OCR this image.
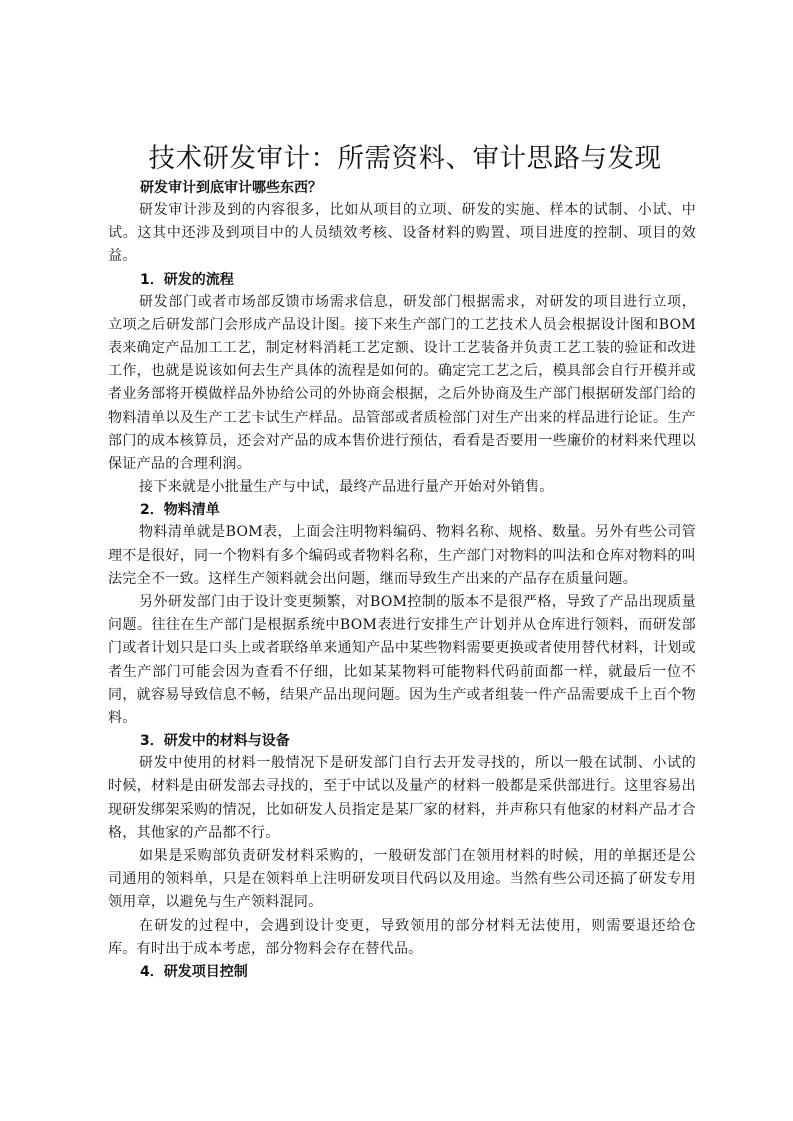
技术研发审计：所需资料、审计思路与发现
研发审计到底审计哪些东西？

研发审计涉及到的内容很多，比如从项目的立项、研发的实施、样本的试制、小试、中试。这其中还涉及到项目中的人员绩效考核、设备材料的购置、项目进度的控制、项目的效益。

1．研发的流程

研发部门或者市场部反馈市场需求信息，研发部门根据需求，对研发的项目进行立项，立项之后研发部门会形成产品设计图。接下来生产部门的工艺技术人员会根据设计图和BOM表来确定产品加工工艺，制定材料消耗工艺定额、设计工艺装备并负责工艺工装的验证和改进工作，也就是说该如何去生产具体的流程是如何的。确定完工艺之后，模具部会自行开模并或者业务部将开模做样品外协给公司的外协商会根据，之后外协商及生产部门根据研发部门给的物料清单以及生产工艺卡试生产样品。品管部或者质检部门对生产出来的样品进行论证。生产部门的成本核算员，还会对产品的成本售价进行预估，看看是否要用一些廉价的材料来代理以保证产品的合理利润。

接下来就是小批量生产与中试，最终产品进行量产开始对外销售。

2．物料清单

物料清单就是BOM表，上面会注明物料编码、物料名称、规格、数量。另外有些公司管理不是很好，同一个物料有多个编码或者物料名称，生产部门对物料的叫法和仓库对物料的叫法完全不一致。这样生产领料就会出问题，继而导致生产出来的产品存在质量问题。

另外研发部门由于设计变更频繁，对BOM控制的版本不是很严格，导致了产品出现质量问题。往往在生产部门是根据系统中BOM表进行安排生产计划并从仓库进行领料，而研发部门或者计划只是口头上或者联络单来通知产品中某些物料需要更换或者使用替代材料，计划或者生产部门可能会因为查看不仔细，比如某某物料可能物料代码前面都一样，就最后一位不同，就容易导致信息不畅，结果产品出现问题。因为生产或者组装一件产品需要成千上百个物料。

3．研发中的材料与设备

研发中使用的材料一般情况下是研发部门自行去开发寻找的，所以一般在试制、小试的时候，材料是由研发部去寻找的，至于中试以及量产的材料一般都是采供部进行。这里容易出现研发绑架采购的情况，比如研发人员指定是某厂家的材料，并声称只有他家的材料产品才合格，其他家的产品都不行。

如果是采购部负责研发材料采购的，一般研发部门在领用材料的时候，用的单据还是公司通用的领料单，只是在领料单上注明研发项目代码以及用途。当然有些公司还搞了研发专用领用章，以避免与生产领料混同。

在研发的过程中，会遇到设计变更，导致领用的部分材料无法使用，则需要退还给仓库。有时出于成本考虑，部分物料会存在替代品。

4．研发项目控制
